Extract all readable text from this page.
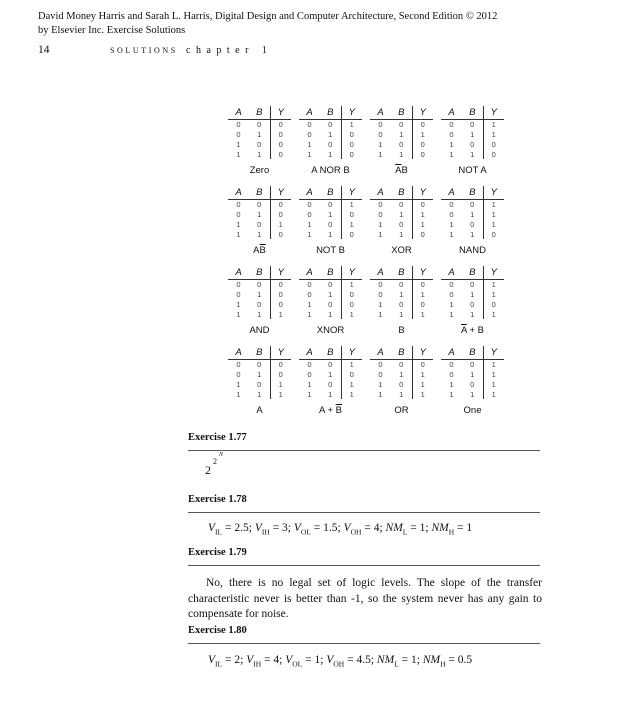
David Money Harris and Sarah L. Harris, Digital Design and Computer Architecture, Second Edition © 2012
by Elsevier Inc. Exercise Solutions
14	SOLUTIONS chapter 1
A	B	Y
0	0	0
0	1	0
1	0	0
1	1	0
Zero
A	B	Y
0	0	1
0	1	0
1	0	0
1	1	0
A NOR B
A	B	Y
0	0	0
0	1	1
1	0	0
1	1	0
$\overline{A}B$
A	B	Y
0	0	1
0	1	1
1	0	0
1	1	0
NOT A
A	B	Y
0	0	0
0	1	0
1	0	1
1	1	0
$A\overline{B}$
A	B	Y
0	0	1
0	1	0
1	0	1
1	1	0
NOT B
A	B	Y
0	0	0
0	1	1
1	0	1
1	1	0
XOR
A	B	Y
0	0	1
0	1	1
1	0	1
1	1	0
NAND
A	B	Y
0	0	0
0	1	0
1	0	0
1	1	1
AND
A	B	Y
0	0	1
0	1	0
1	0	0
1	1	1
XNOR
A	B	Y
0	0	0
0	1	1
1	0	0
1	1	1
B
A	B	Y
0	0	1
0	1	1
1	0	0
1	1	1
$\overline{A} + B$
A	B	Y
0	0	0
0	1	0
1	0	1
1	1	1
A
A	B	Y
0	0	1
0	1	0
1	0	1
1	1	1
$A + \overline{B}$
A	B	Y
0	0	0
0	1	1
1	0	1
1	1	1
OR
A	B	Y
0	0	1
0	1	1
1	0	1
1	1	1
One
Exercise 1.77
2
2
N
Exercise 1.78
$V_{IL} = 2.5$; $V_{IH} = 3$; $V_{OL} = 1.5$; $V_{OH} = 4$; $NM_L = 1$; $NM_H = 1$
Exercise 1.79
No, there is no legal set of logic levels. The slope of the transfer characteristic never is better than -1, so the system never has any gain to compensate for noise.
Exercise 1.80
$V_{IL} = 2$; $V_{IH} = 4$; $V_{OL} = 1$; $V_{OH} = 4.5$; $NM_L = 1$; $NM_H = 0.5$
